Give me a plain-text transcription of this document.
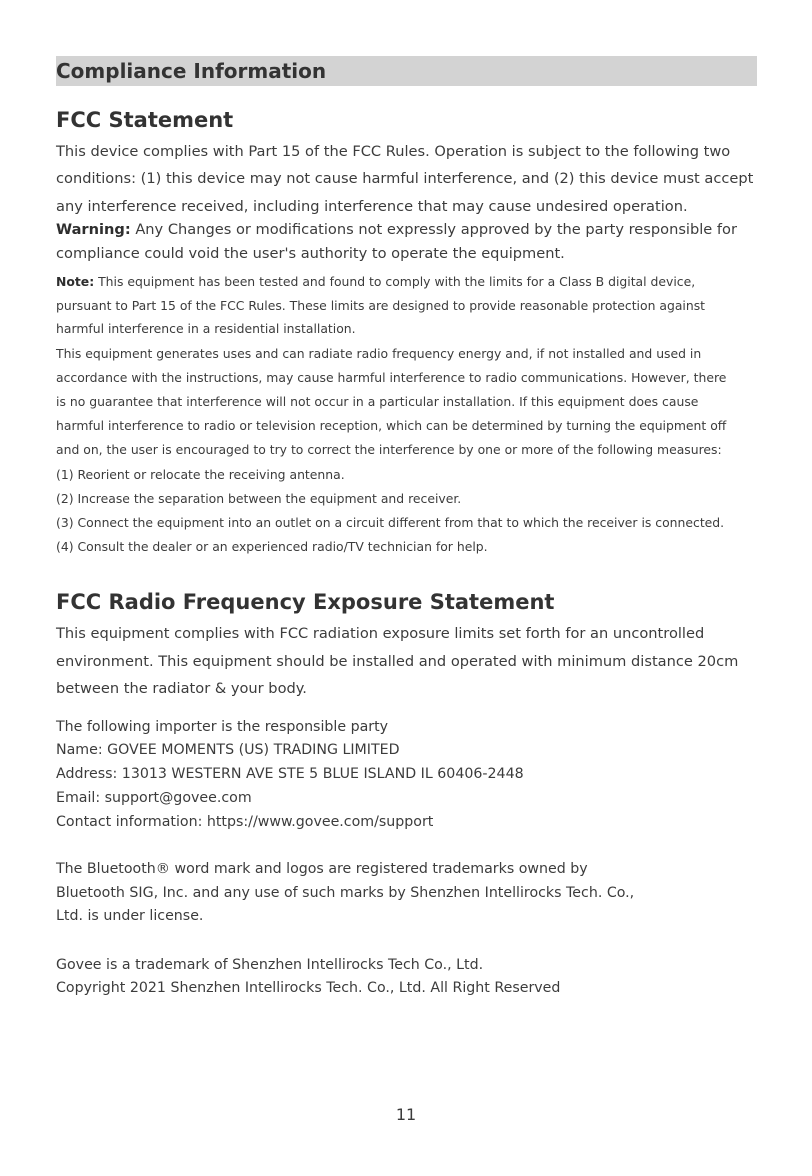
Compliance Information
FCC Statement
This device complies with Part 15 of the FCC Rules. Operation is subject to the following two
conditions: (1) this device may not cause harmful interference, and (2) this device must accept
any interference received, including interference that may cause undesired operation.
Warning: Any Changes or modifications not expressly approved by the party responsible for
compliance could void the user's authority to operate the equipment.
Note: This equipment has been tested and found to comply with the limits for a Class B digital device,
pursuant to Part 15 of the FCC Rules. These limits are designed to provide reasonable protection against
harmful interference in a residential installation.
This equipment generates uses and can radiate radio frequency energy and, if not installed and used in
accordance with the instructions, may cause harmful interference to radio communications. However, there
is no guarantee that interference will not occur in a particular installation. If this equipment does cause
harmful interference to radio or television reception, which can be determined by turning the equipment off
and on, the user is encouraged to try to correct the interference by one or more of the following measures:
(1) Reorient or relocate the receiving antenna.
(2) Increase the separation between the equipment and receiver.
(3) Connect the equipment into an outlet on a circuit different from that to which the receiver is connected.
(4) Consult the dealer or an experienced radio/TV technician for help.
FCC Radio Frequency Exposure Statement
This equipment complies with FCC radiation exposure limits set forth for an uncontrolled
environment. This equipment should be installed and operated with minimum distance 20cm
between the radiator & your body.
The following importer is the responsible party
Name: GOVEE MOMENTS (US) TRADING LIMITED
Address: 13013 WESTERN AVE STE 5 BLUE ISLAND IL 60406-2448
Email: support@govee.com
Contact information: https://www.govee.com/support
The Bluetooth® word mark and logos are registered trademarks owned by
Bluetooth SIG, Inc. and any use of such marks by Shenzhen Intellirocks Tech. Co.,
Ltd. is under license.
Govee is a trademark of Shenzhen Intellirocks Tech Co., Ltd.
Copyright 2021 Shenzhen Intellirocks Tech. Co., Ltd. All Right Reserved
11
